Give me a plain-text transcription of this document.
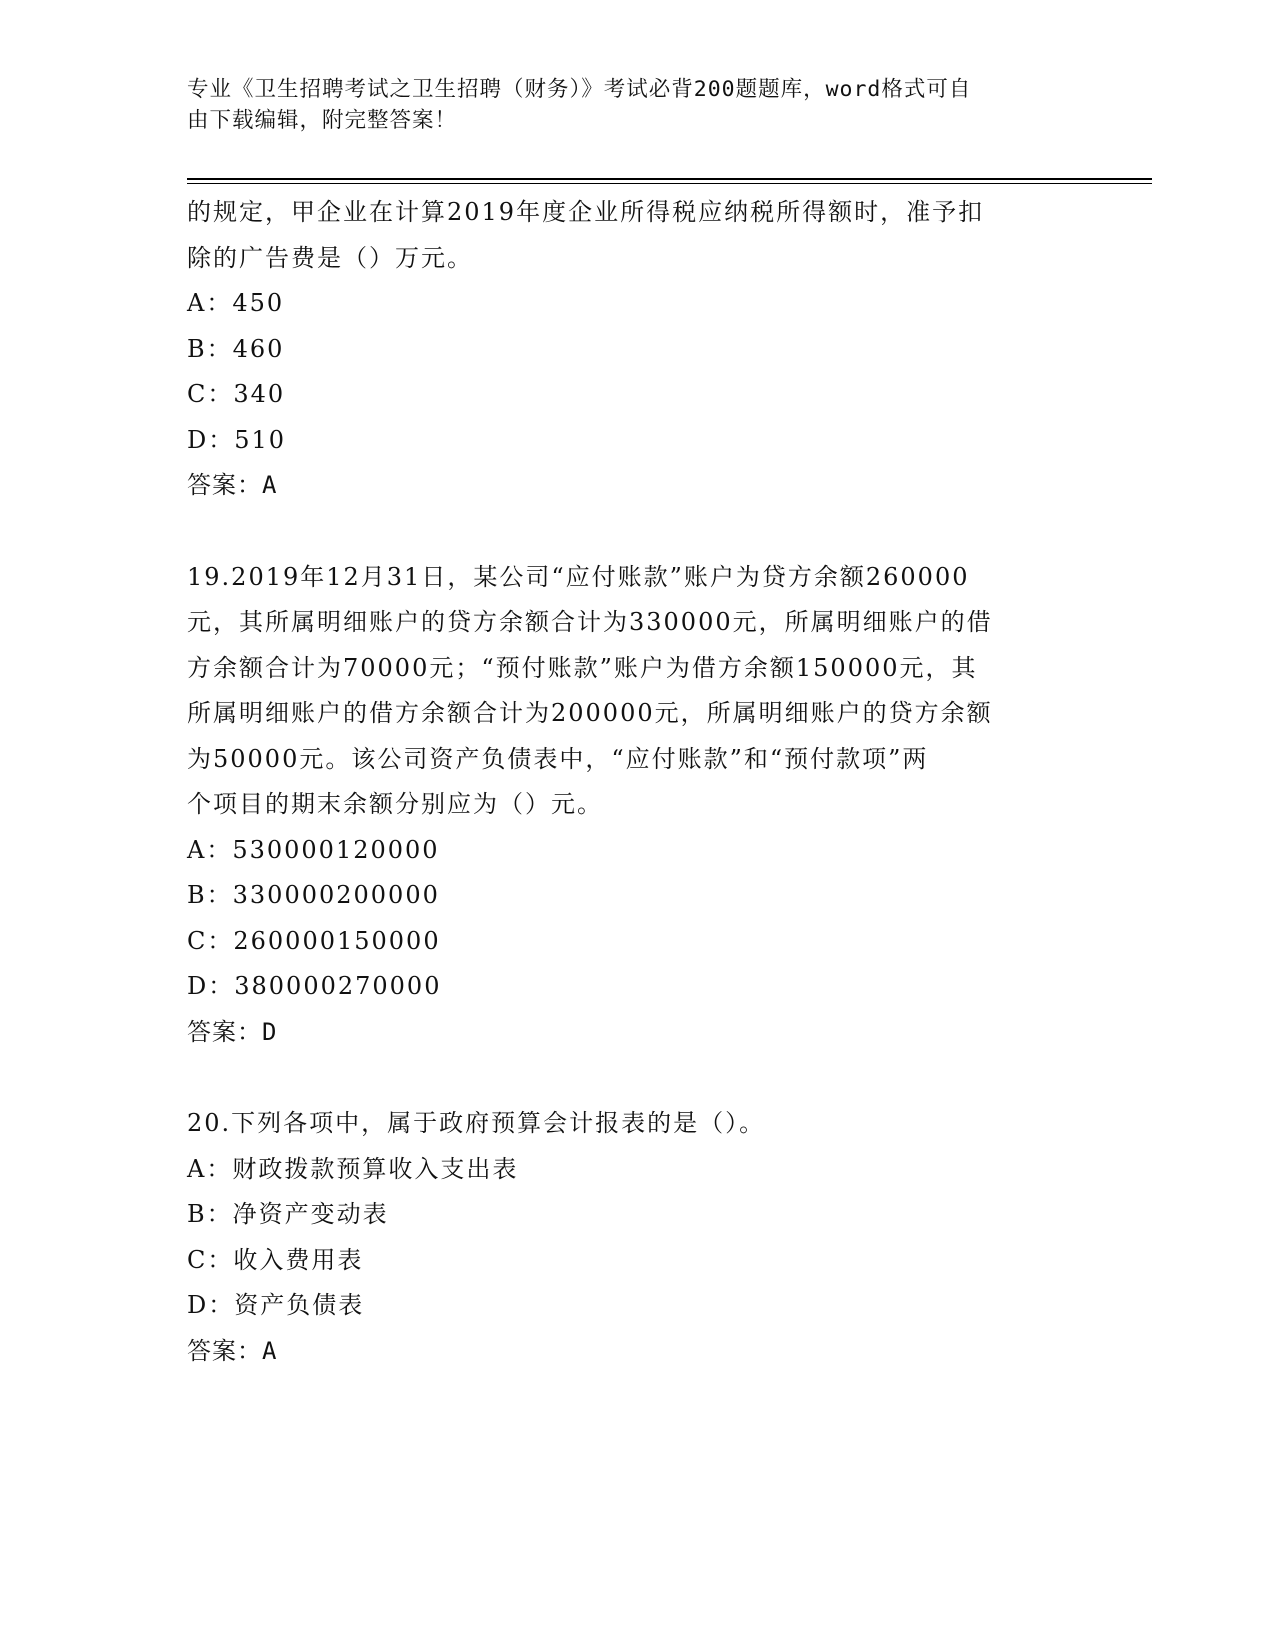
专业《卫生招聘考试之卫生招聘（财务）》考试必背200题题库，word格式可自
由下载编辑，附完整答案！
的规定，甲企业在计算2019年度企业所得税应纳税所得额时，准予扣
除的广告费是（）万元。
A：450
B：460
C：340
D：510
答案：A
19.2019年12月31日，某公司“应付账款”账户为贷方余额260000
元，其所属明细账户的贷方余额合计为330000元，所属明细账户的借
方余额合计为70000元；“预付账款”账户为借方余额150000元，其
所属明细账户的借方余额合计为200000元，所属明细账户的贷方余额
为50000元。该公司资产负债表中，“应付账款”和“预付款项”两
个项目的期末余额分别应为（）元。
A：530000120000
B：330000200000
C：260000150000
D：380000270000
答案：D
20.下列各项中，属于政府预算会计报表的是（）。
A：财政拨款预算收入支出表
B：净资产变动表
C：收入费用表
D：资产负债表
答案：A
